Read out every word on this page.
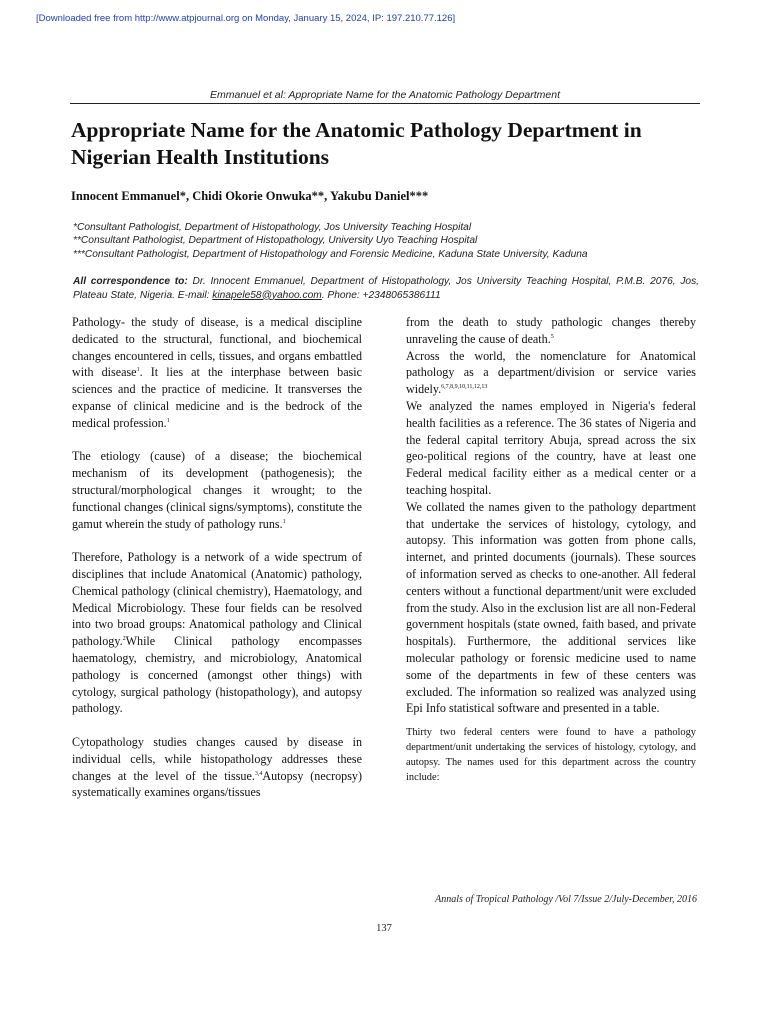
[Downloaded free from http://www.atpjournal.org on Monday, January 15, 2024, IP: 197.210.77.126]
Emmanuel et al: Appropriate Name for the Anatomic Pathology Department
Appropriate Name for the Anatomic Pathology Department in Nigerian Health Institutions
Innocent Emmanuel*, Chidi Okorie Onwuka**, Yakubu Daniel***
*Consultant Pathologist, Department of Histopathology, Jos University Teaching Hospital
**Consultant Pathologist, Department of Histopathology, University Uyo Teaching Hospital
***Consultant Pathologist, Department of Histopathology and Forensic Medicine, Kaduna State University, Kaduna
All correspondence to: Dr. Innocent Emmanuel, Department of Histopathology, Jos University Teaching Hospital, P.M.B. 2076, Jos, Plateau State, Nigeria. E-mail: kinapele58@yahoo.com. Phone: +2348065386111

Pathology- the study of disease, is a medical discipline dedicated to the structural, functional, and biochemical changes encountered in cells, tissues, and organs embattled with disease$^1$. It lies at the interphase between basic sciences and the practice of medicine. It transverses the expanse of clinical medicine and is the bedrock of the medical profession.$^1$

The etiology (cause) of a disease; the biochemical mechanism of its development (pathogenesis); the structural/morphological changes it wrought; to the functional changes (clinical signs/symptoms), constitute the gamut wherein the study of pathology runs.$^1$

Therefore, Pathology is a network of a wide spectrum of disciplines that include Anatomical (Anatomic) pathology, Chemical pathology (clinical chemistry), Haematology, and Medical Microbiology. These four fields can be resolved into two broad groups: Anatomical pathology and Clinical pathology.$^2$While Clinical pathology encompasses haematology, chemistry, and microbiology, Anatomical pathology is concerned (amongst other things) with cytology, surgical pathology (histopathology), and autopsy pathology.

Cytopathology studies changes caused by disease in individual cells, while histopathology addresses these changes at the level of the tissue.$^{3,4}$Autopsy (necropsy) systematically examines organs/tissues

from the death to study pathologic changes thereby unraveling the cause of death.$^5$

Across the world, the nomenclature for Anatomical pathology as a department/division or service varies widely.$^{6,7,8,9,10,11,12,13}$

We analyzed the names employed in Nigeria's federal health facilities as a reference. The 36 states of Nigeria and the federal capital territory Abuja, spread across the six geo-political regions of the country, have at least one Federal medical facility either as a medical center or a teaching hospital.

We collated the names given to the pathology department that undertake the services of histology, cytology, and autopsy. This information was gotten from phone calls, internet, and printed documents (journals). These sources of information served as checks to one-another. All federal centers without a functional department/unit were excluded from the study. Also in the exclusion list are all non-Federal government hospitals (state owned, faith based, and private hospitals). Furthermore, the additional services like molecular pathology or forensic medicine used to name some of the departments in few of these centers was excluded. The information so realized was analyzed using Epi Info statistical software and presented in a table.

Thirty two federal centers were found to have a pathology department/unit undertaking the services of histology, cytology, and autopsy. The names used for this department across the country include:

Annals of Tropical Pathology /Vol 7/Issue 2/July-December, 2016
137
